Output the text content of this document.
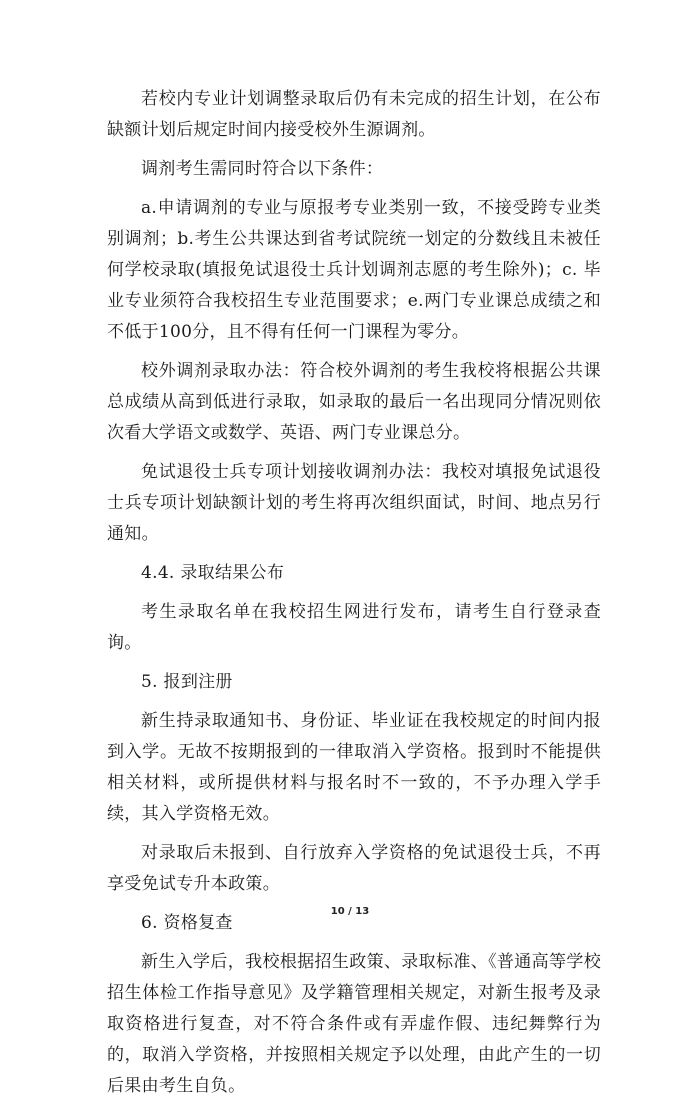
若校内专业计划调整录取后仍有未完成的招生计划，在公布缺额计划后规定时间内接受校外生源调剂。

调剂考生需同时符合以下条件：

a.申请调剂的专业与原报考专业类别一致，不接受跨专业类别调剂；b.考生公共课达到省考试院统一划定的分数线且未被任何学校录取(填报免试退役士兵计划调剂志愿的考生除外)；c. 毕业专业须符合我校招生专业范围要求；e.两门专业课总成绩之和不低于100分，且不得有任何一门课程为零分。

校外调剂录取办法：符合校外调剂的考生我校将根据公共课总成绩从高到低进行录取，如录取的最后一名出现同分情况则依次看大学语文或数学、英语、两门专业课总分。

免试退役士兵专项计划接收调剂办法：我校对填报免试退役士兵专项计划缺额计划的考生将再次组织面试，时间、地点另行通知。

4.4. 录取结果公布

考生录取名单在我校招生网进行发布，请考生自行登录查询。

5. 报到注册

新生持录取通知书、身份证、毕业证在我校规定的时间内报到入学。无故不按期报到的一律取消入学资格。报到时不能提供相关材料，或所提供材料与报名时不一致的，不予办理入学手续，其入学资格无效。

对录取后未报到、自行放弃入学资格的免试退役士兵，不再享受免试专升本政策。

6. 资格复查

新生入学后，我校根据招生政策、录取标准、《普通高等学校招生体检工作指导意见》及学籍管理相关规定，对新生报考及录取资格进行复查，对不符合条件或有弄虚作假、违纪舞弊行为的，取消入学资格，并按照相关规定予以处理，由此产生的一切后果由考生自负。

10 / 13
